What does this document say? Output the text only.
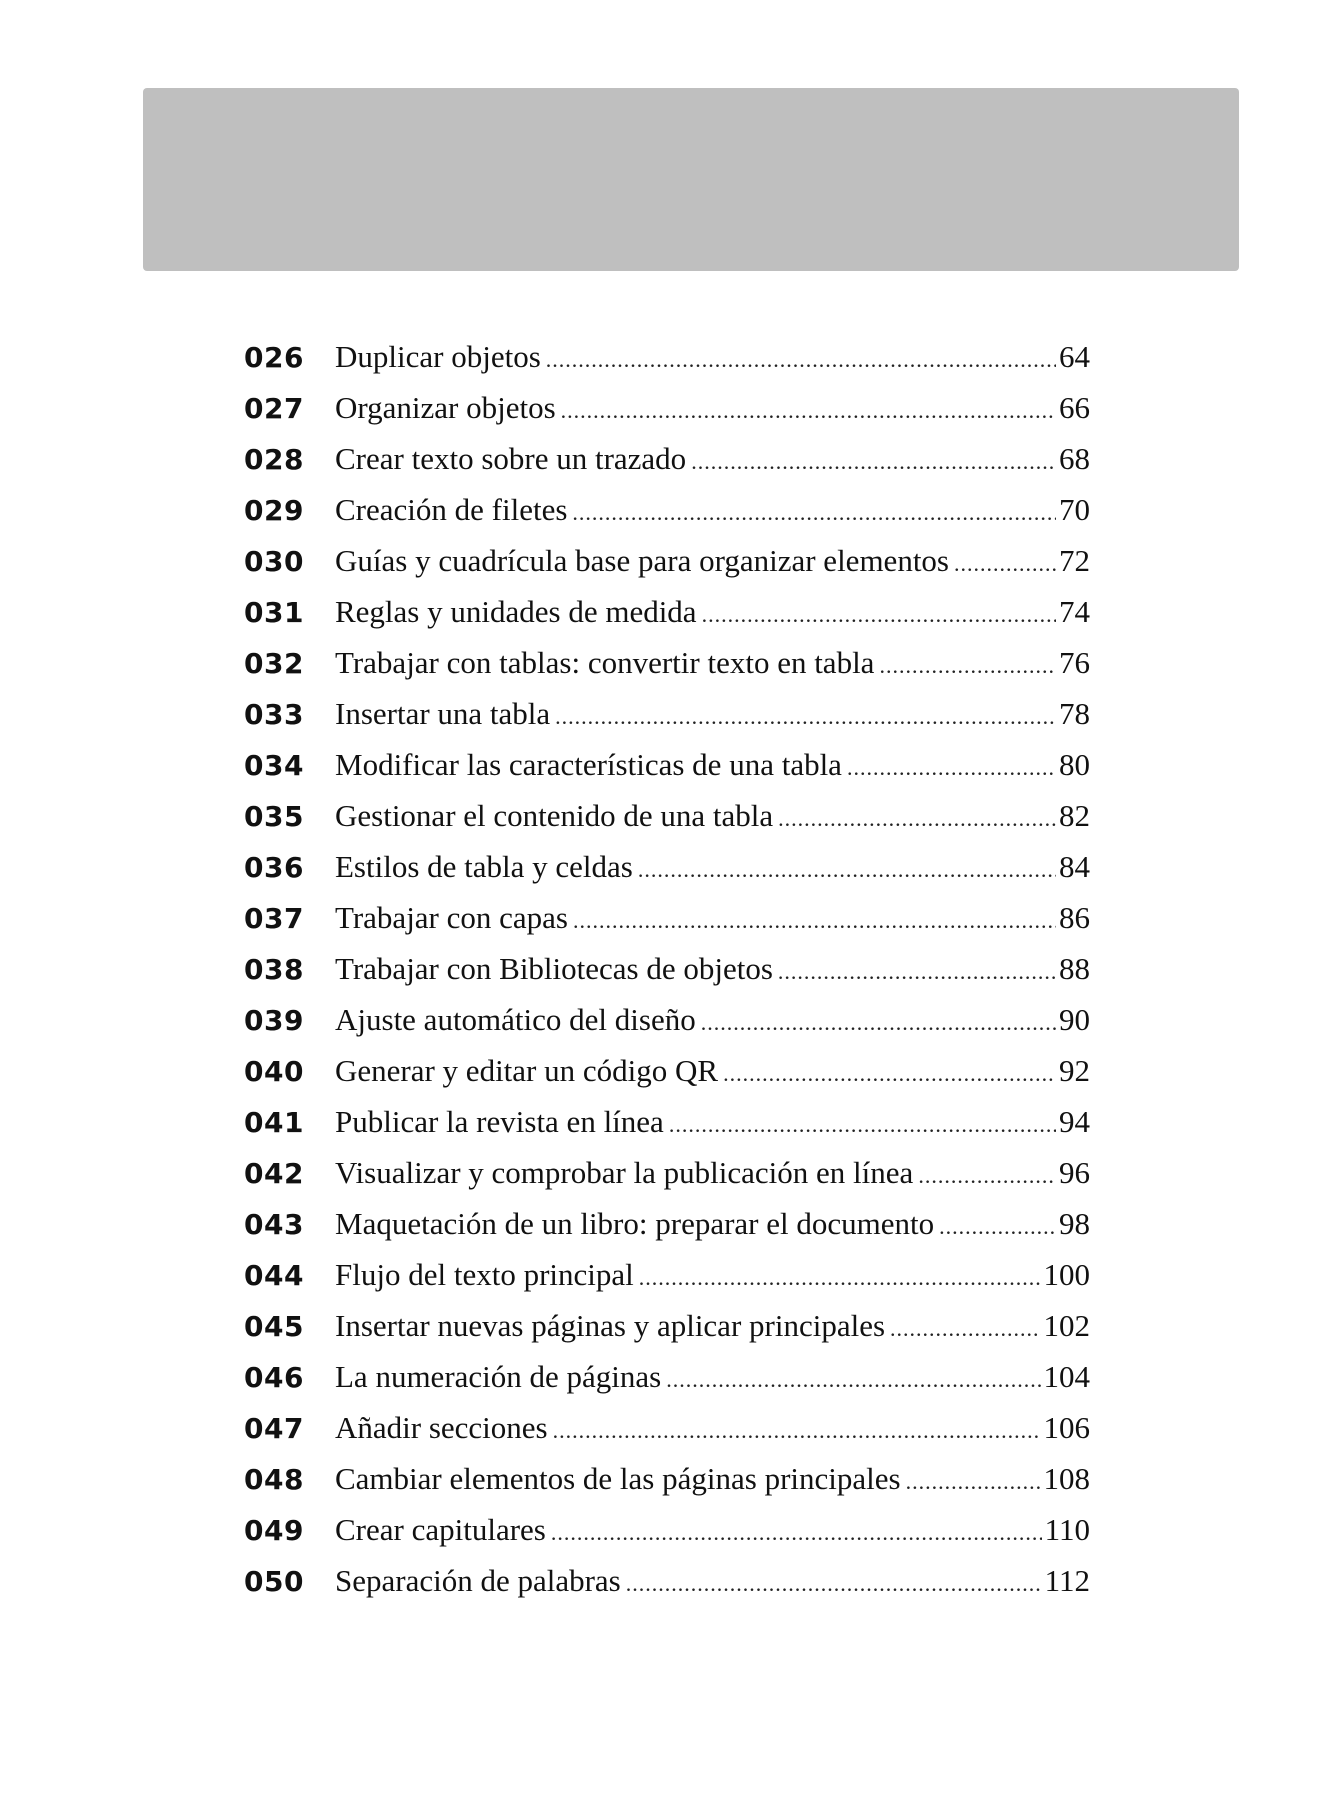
026	Duplicar objetos .....	64
027	Organizar objetos .....	66
028	Crear texto sobre un trazado .....	68
029	Creación de filetes .....	70
030	Guías y cuadrícula base para organizar elementos .....	72
031	Reglas y unidades de medida .....	74
032	Trabajar con tablas: convertir texto en tabla .....	76
033	Insertar una tabla .....	78
034	Modificar las características de una tabla .....	80
035	Gestionar el contenido de una tabla .....	82
036	Estilos de tabla y celdas .....	84
037	Trabajar con capas .....	86
038	Trabajar con Bibliotecas de objetos .....	88
039	Ajuste automático del diseño .....	90
040	Generar y editar un código QR .....	92
041	Publicar la revista en línea .....	94
042	Visualizar y comprobar la publicación en línea .....	96
043	Maquetación de un libro: preparar el documento .....	98
044	Flujo del texto principal .....	100
045	Insertar nuevas páginas y aplicar principales .....	102
046	La numeración de páginas .....	104
047	Añadir secciones .....	106
048	Cambiar elementos de las páginas principales .....	108
049	Crear capitulares .....	110
050	Separación de palabras .....	112
